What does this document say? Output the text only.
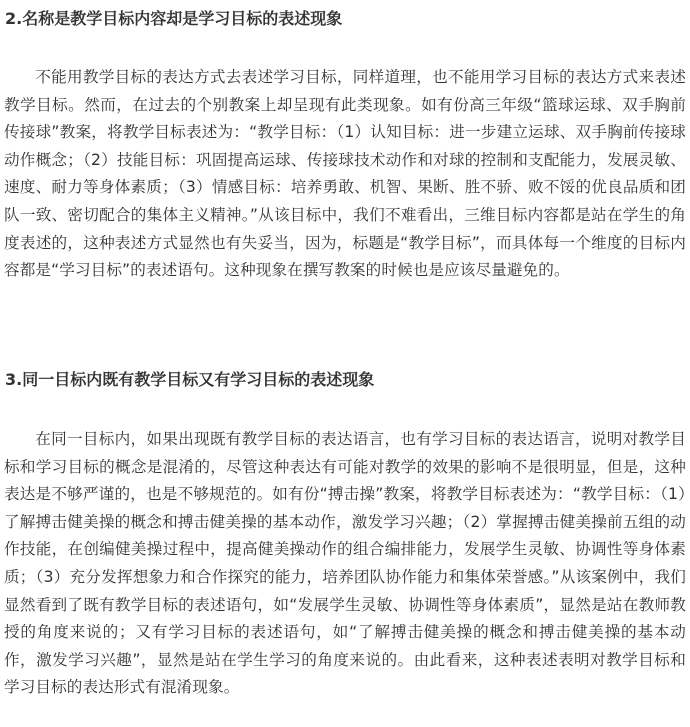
2.名称是教学目标内容却是学习目标的表述现象

不能用教学目标的表达方式去表述学习目标，同样道理，也不能用学习目标的表达方式来表述教学目标。然而，在过去的个别教案上却呈现有此类现象。如有份高三年级“篮球运球、双手胸前传接球”教案，将教学目标表述为：“教学目标：（1）认知目标：进一步建立运球、双手胸前传接球动作概念；（2）技能目标：巩固提高运球、传接球技术动作和对球的控制和支配能力，发展灵敏、速度、耐力等身体素质；（3）情感目标：培养勇敢、机智、果断、胜不骄、败不馁的优良品质和团队一致、密切配合的集体主义精神。”从该目标中，我们不难看出，三维目标内容都是站在学生的角度表述的，这种表述方式显然也有失妥当，因为，标题是“教学目标”，而具体每一个维度的目标内容都是“学习目标”的表述语句。这种现象在撰写教案的时候也是应该尽量避免的。

3.同一目标内既有教学目标又有学习目标的表述现象

在同一目标内，如果出现既有教学目标的表达语言，也有学习目标的表达语言，说明对教学目标和学习目标的概念是混淆的，尽管这种表达有可能对教学的效果的影响不是很明显，但是，这种表达是不够严谨的，也是不够规范的。如有份“搏击操”教案，将教学目标表述为：“教学目标：（1）了解搏击健美操的概念和搏击健美操的基本动作，激发学习兴趣；（2）掌握搏击健美操前五组的动作技能，在创编健美操过程中，提高健美操动作的组合编排能力，发展学生灵敏、协调性等身体素质；（3）充分发挥想象力和合作探究的能力，培养团队协作能力和集体荣誉感。”从该案例中，我们显然看到了既有教学目标的表述语句，如“发展学生灵敏、协调性等身体素质”，显然是站在教师教授的角度来说的；又有学习目标的表述语句，如“了解搏击健美操的概念和搏击健美操的基本动作，激发学习兴趣”，显然是站在学生学习的角度来说的。由此看来，这种表述表明对教学目标和学习目标的表达形式有混淆现象。
